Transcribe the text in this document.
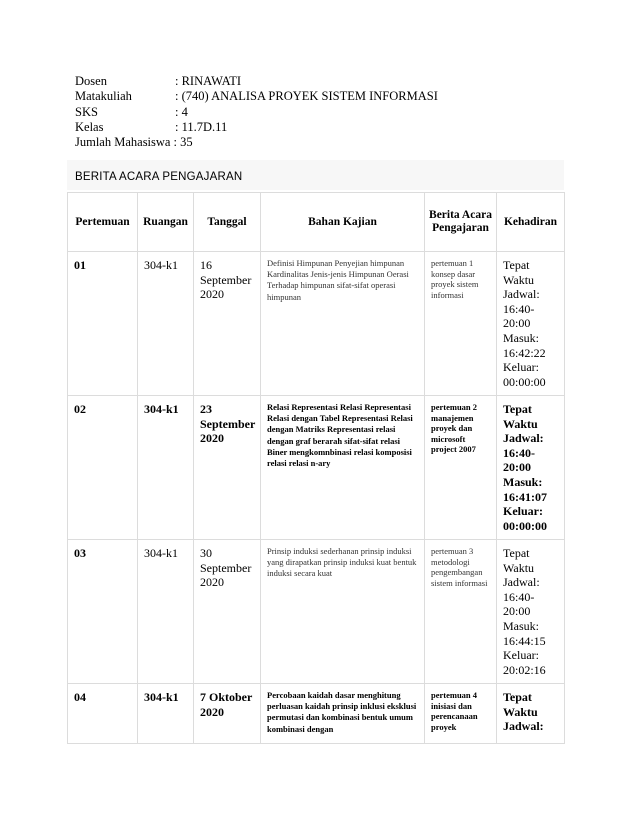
Dosen	: RINAWATI
Matakuliah	: (740) ANALISA PROYEK SISTEM INFORMASI
SKS	: 4
Kelas	: 11.7D.11
Jumlah Mahasiswa : 35
BERITA ACARA PENGAJARAN
Pertemuan	Ruangan	Tanggal	Bahan Kajian	Berita Acara Pengajaran	Kehadiran
01	304-k1	16 September 2020	Definisi Himpunan Penyejian himpunan Kardinalitas Jenis-jenis Himpunan Oerasi Terhadap himpunan sifat-sifat operasi himpunan	pertemuan 1 konsep dasar proyek sistem informasi	Tepat Waktu Jadwal: 16:40-20:00 Masuk: 16:42:22 Keluar: 00:00:00
02	304-k1	23 September 2020	Relasi Representasi Relasi Representasi Relasi dengan Tabel Representasi Relasi dengan Matriks Representasi relasi dengan graf berarah sifat-sifat relasi Biner mengkomnbinasi relasi komposisi relasi relasi n-ary	pertemuan 2 manajemen proyek dan microsoft project 2007	Tepat Waktu Jadwal: 16:40-20:00 Masuk: 16:41:07 Keluar: 00:00:00
03	304-k1	30 September 2020	Prinsip induksi sederhanan prinsip induksi yang dirapatkan prinsip induksi kuat bentuk induksi secara kuat	pertemuan 3 metodologi pengembangan sistem informasi	Tepat Waktu Jadwal: 16:40-20:00 Masuk: 16:44:15 Keluar: 20:02:16
04	304-k1	7 Oktober 2020	Percobaan kaidah dasar menghitung perluasan kaidah prinsip inklusi eksklusi permutasi dan kombinasi bentuk umum kombinasi dengan	pertemuan 4 inisiasi dan perencanaan proyek	Tepat Waktu Jadwal:
